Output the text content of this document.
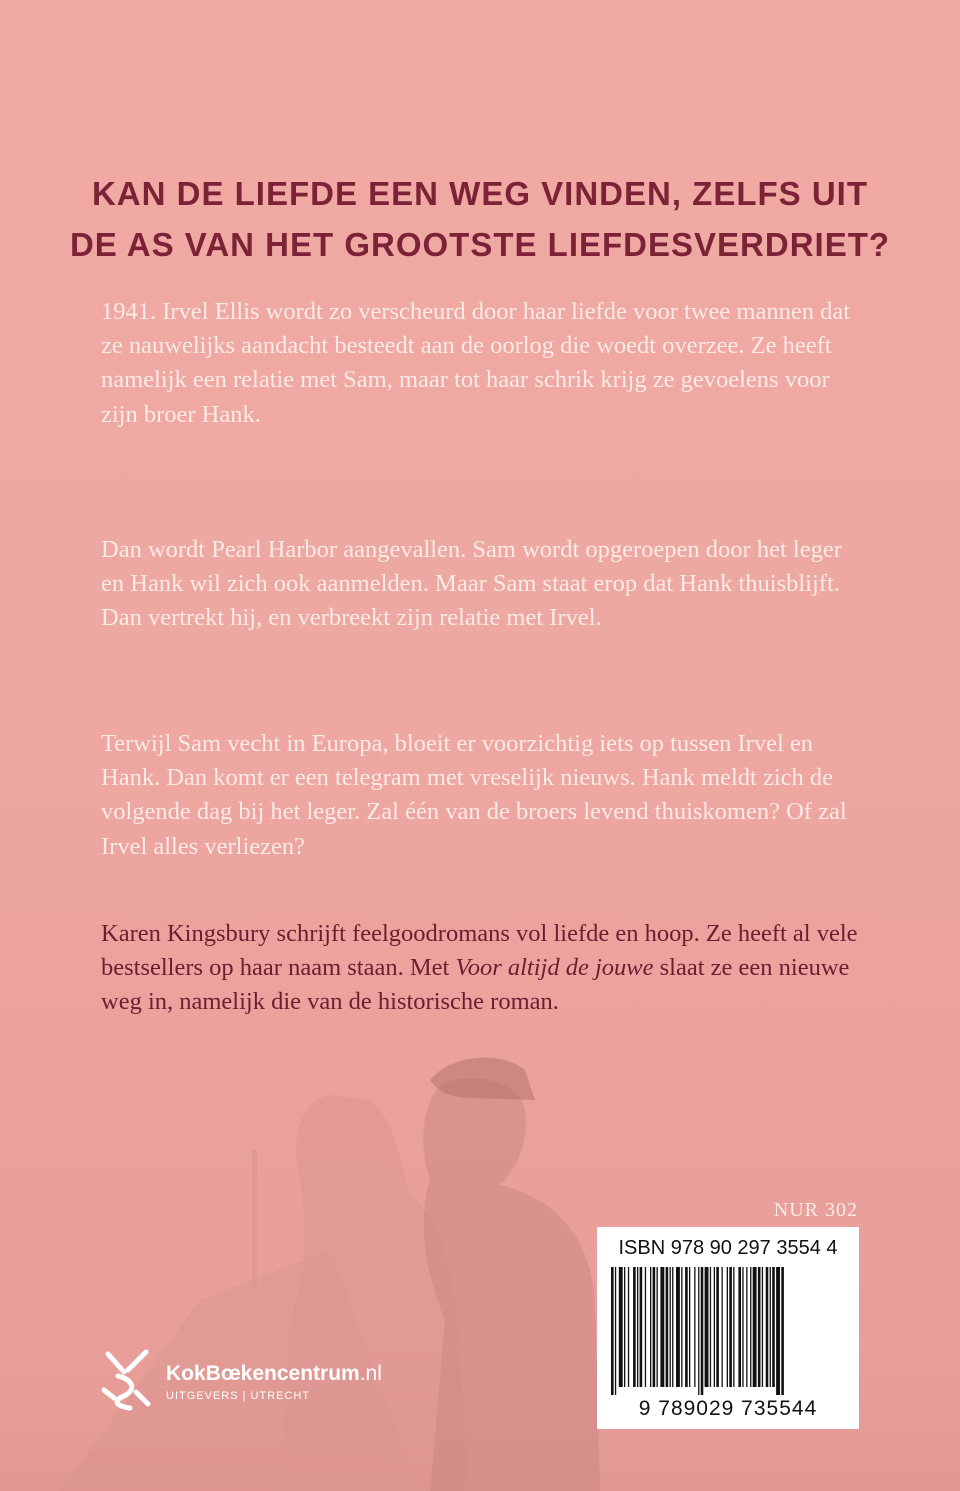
KAN DE LIEFDE EEN WEG VINDEN, ZELFS UIT
DE AS VAN HET GROOTSTE LIEFDESVERDRIET?

1941. Irvel Ellis wordt zo verscheurd door haar liefde voor twee mannen dat ze nauwelijks aandacht besteedt aan de oorlog die woedt overzee. Ze heeft namelijk een relatie met Sam, maar tot haar schrik krijg ze gevoelens voor zijn broer Hank.

Dan wordt Pearl Harbor aangevallen. Sam wordt opgeroepen door het leger en Hank wil zich ook aanmelden. Maar Sam staat erop dat Hank thuisblijft. Dan vertrekt hij, en verbreekt zijn relatie met Irvel.

Terwijl Sam vecht in Europa, bloeit er voorzichtig iets op tussen Irvel en Hank. Dan komt er een telegram met vreselijk nieuws. Hank meldt zich de volgende dag bij het leger. Zal één van de broers levend thuiskomen? Of zal Irvel alles verliezen?

Karen Kingsbury schrijft feelgoodromans vol liefde en hoop. Ze heeft al vele bestsellers op haar naam staan. Met Voor altijd de jouwe slaat ze een nieuwe weg in, namelijk die van de historische roman.

NUR 302
ISBN 978 90 297 3554 4
9 789029 735544
KokBœkencentrum.nl
UITGEVERS | UTRECHT
